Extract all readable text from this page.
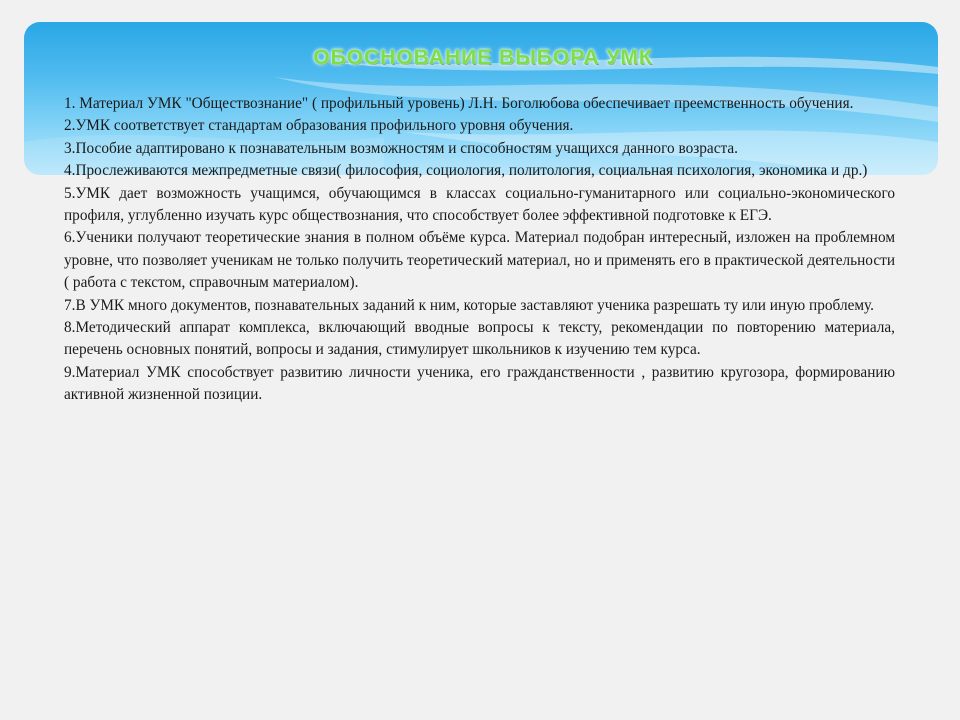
ОБОСНОВАНИЕ ВЫБОРА УМК

1. Материал УМК "Обществознание" ( профильный уровень) Л.Н. Боголюбова обеспечивает преемственность обучения.

2.УМК соответствует стандартам образования профильного уровня обучения.

3.Пособие адаптировано к познавательным возможностям и способностям учащихся данного возраста.

4.Прослеживаются межпредметные связи( философия, социология, политология, социальная психология, экономика и др.)

5.УМК дает возможность учащимся, обучающимся в классах социально-гуманитарного или социально-экономического профиля, углубленно изучать курс обществознания, что способствует более эффективной подготовке к ЕГЭ.

6.Ученики получают теоретические знания в полном объёме курса. Материал подобран интересный, изложен на проблемном уровне, что позволяет ученикам не только получить теоретический материал, но и применять его в практической деятельности ( работа с текстом, справочным материалом).

7.В УМК много документов, познавательных заданий к ним, которые заставляют ученика разрешать ту или иную проблему.

8.Методический аппарат комплекса, включающий вводные вопросы к тексту, рекомендации по повторению материала, перечень основных понятий, вопросы и задания, стимулирует школьников к изучению тем курса.

9.Материал УМК способствует развитию личности ученика, его гражданственности , развитию кругозора, формированию активной жизненной позиции.
